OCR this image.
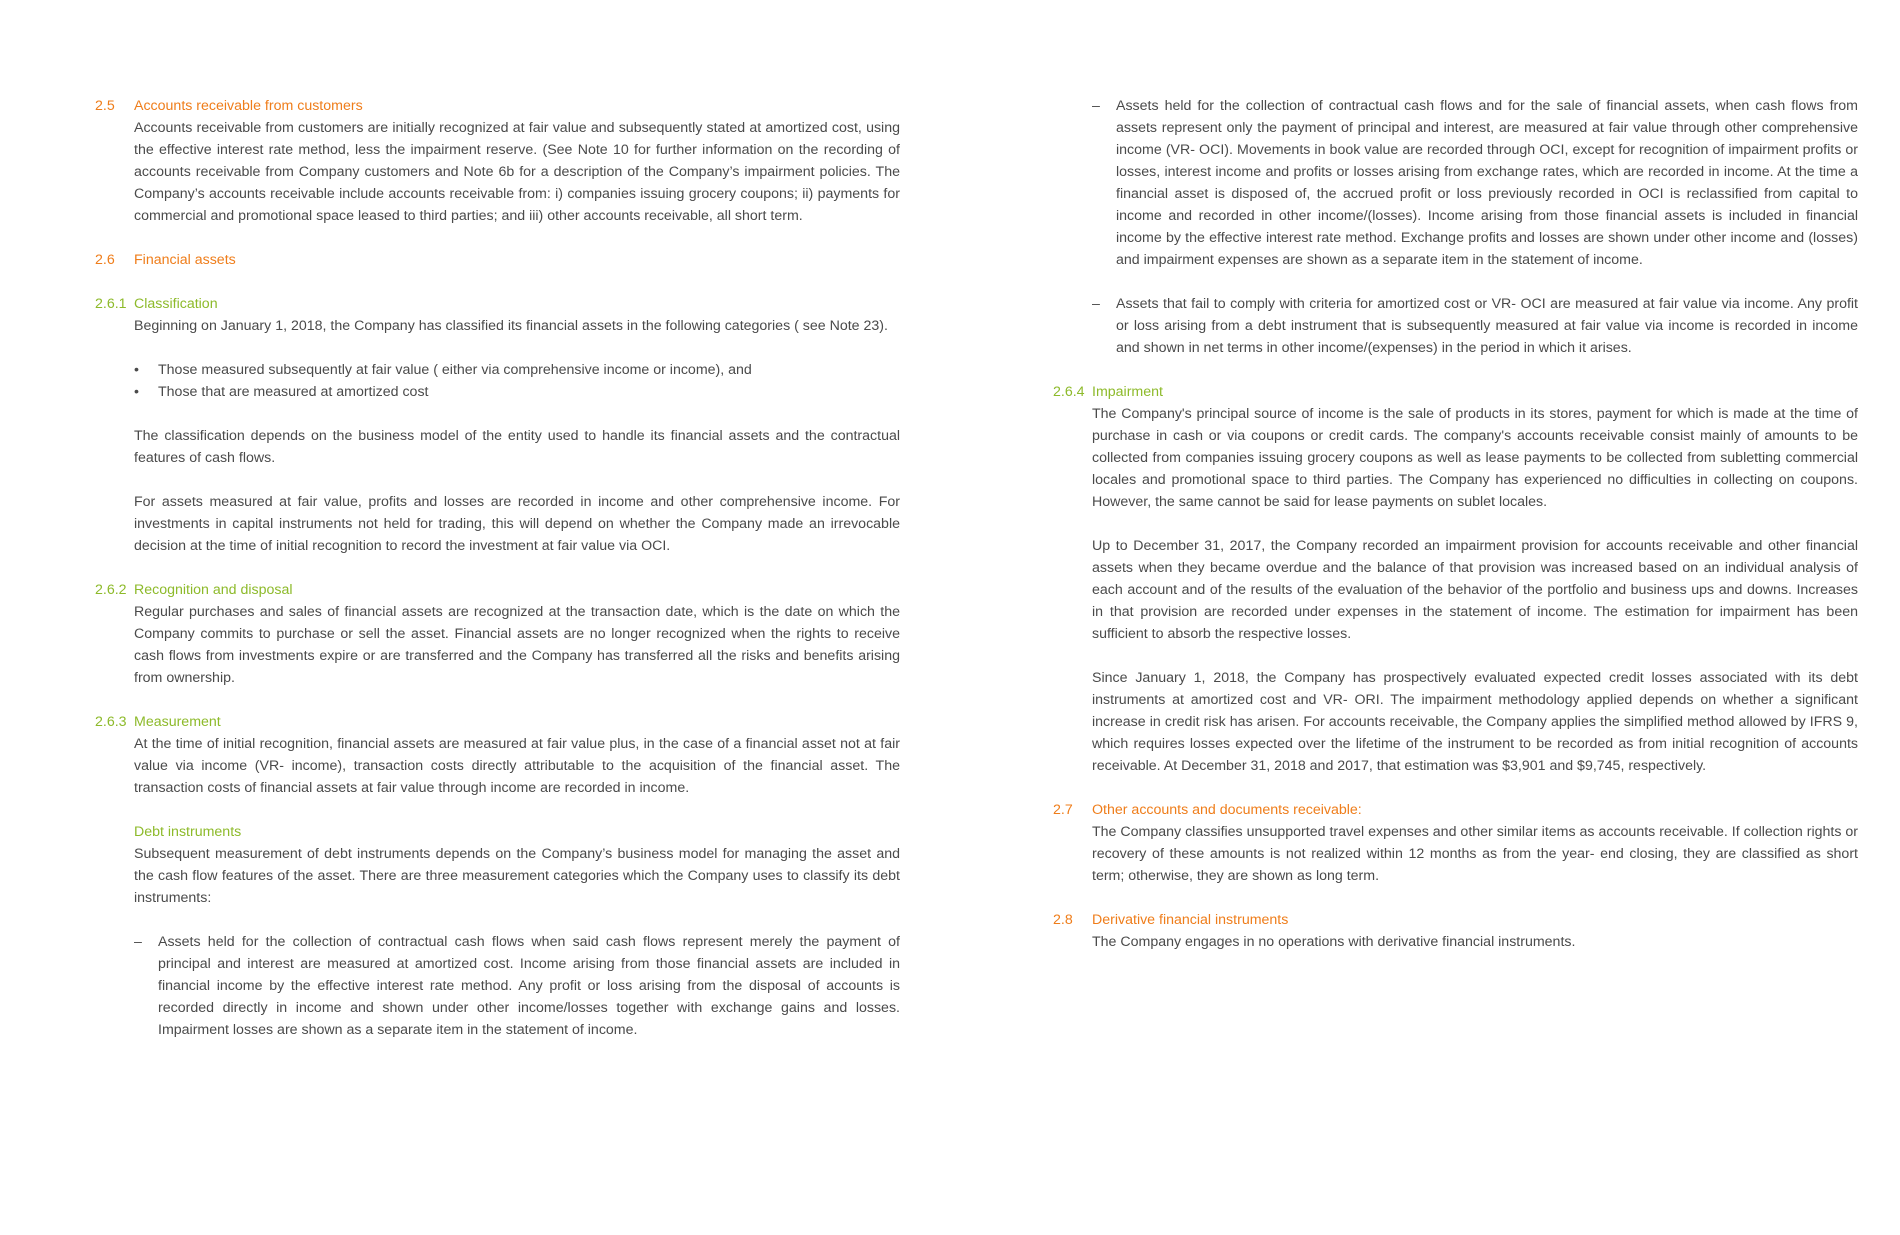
2.5 Accounts receivable from customers

Accounts receivable from customers are initially recognized at fair value and subsequently stated at amortized cost, using the effective interest rate method, less the impairment reserve. (See Note 10 for further information on the recording of accounts receivable from Company customers and Note 6b for a description of the Company’s impairment policies. The Company’s accounts receivable include accounts receivable from: i) companies issuing grocery coupons; ii) payments for commercial and promotional space leased to third parties; and iii) other accounts receivable, all short term.

2.6 Financial assets
2.6.1 Classification

Beginning on January 1, 2018, the Company has classified its financial assets in the following categories ( see Note 23).

• Those measured subsequently at fair value ( either via comprehensive income or income), and
• Those that are measured at amortized cost

The classification depends on the business model of the entity used to handle its financial assets and the contractual features of cash flows.

For assets measured at fair value, profits and losses are recorded in income and other comprehensive income. For investments in capital instruments not held for trading, this will depend on whether the Company made an irrevocable decision at the time of initial recognition to record the investment at fair value via OCI.

2.6.2 Recognition and disposal

Regular purchases and sales of financial assets are recognized at the transaction date, which is the date on which the Company commits to purchase or sell the asset. Financial assets are no longer recognized when the rights to receive cash flows from investments expire or are transferred and the Company has transferred all the risks and benefits arising from ownership.

2.6.3 Measurement

At the time of initial recognition, financial assets are measured at fair value plus, in the case of a financial asset not at fair value via income (VR- income), transaction costs directly attributable to the acquisition of the financial asset. The transaction costs of financial assets at fair value through income are recorded in income.

Debt instruments

Subsequent measurement of debt instruments depends on the Company’s business model for managing the asset and the cash flow features of the asset. There are three measurement categories which the Company uses to classify its debt instruments:

– Assets held for the collection of contractual cash flows when said cash flows represent merely the payment of principal and interest are measured at amortized cost. Income arising from those financial assets are included in financial income by the effective interest rate method. Any profit or loss arising from the disposal of accounts is recorded directly in income and shown under other income/losses together with exchange gains and losses. Impairment losses are shown as a separate item in the statement of income.
– Assets held for the collection of contractual cash flows and for the sale of financial assets, when cash flows from assets represent only the payment of principal and interest, are measured at fair value through other comprehensive income (VR- OCI). Movements in book value are recorded through OCI, except for recognition of impairment profits or losses, interest income and profits or losses arising from exchange rates, which are recorded in income. At the time a financial asset is disposed of, the accrued profit or loss previously recorded in OCI is reclassified from capital to income and recorded in other income/(losses). Income arising from those financial assets is included in financial income by the effective interest rate method. Exchange profits and losses are shown under other income and (losses) and impairment expenses are shown as a separate item in the statement of income.
– Assets that fail to comply with criteria for amortized cost or VR- OCI are measured at fair value via income. Any profit or loss arising from a debt instrument that is subsequently measured at fair value via income is recorded in income and shown in net terms in other income/(expenses) in the period in which it arises.
2.6.4 Impairment

The Company's principal source of income is the sale of products in its stores, payment for which is made at the time of purchase in cash or via coupons or credit cards. The company's accounts receivable consist mainly of amounts to be collected from companies issuing grocery coupons as well as lease payments to be collected from subletting commercial locales and promotional space to third parties. The Company has experienced no difficulties in collecting on coupons. However, the same cannot be said for lease payments on sublet locales.

Up to December 31, 2017, the Company recorded an impairment provision for accounts receivable and other financial assets when they became overdue and the balance of that provision was increased based on an individual analysis of each account and of the results of the evaluation of the behavior of the portfolio and business ups and downs. Increases in that provision are recorded under expenses in the statement of income. The estimation for impairment has been sufficient to absorb the respective losses.

Since January 1, 2018, the Company has prospectively evaluated expected credit losses associated with its debt instruments at amortized cost and VR- ORI. The impairment methodology applied depends on whether a significant increase in credit risk has arisen. For accounts receivable, the Company applies the simplified method allowed by IFRS 9, which requires losses expected over the lifetime of the instrument to be recorded as from initial recognition of accounts receivable. At December 31, 2018 and 2017, that estimation was $3,901 and $9,745, respectively.

2.7 Other accounts and documents receivable:

The Company classifies unsupported travel expenses and other similar items as accounts receivable. If collection rights or recovery of these amounts is not realized within 12 months as from the year- end closing, they are classified as short term; otherwise, they are shown as long term.

2.8 Derivative financial instruments

The Company engages in no operations with derivative financial instruments.
